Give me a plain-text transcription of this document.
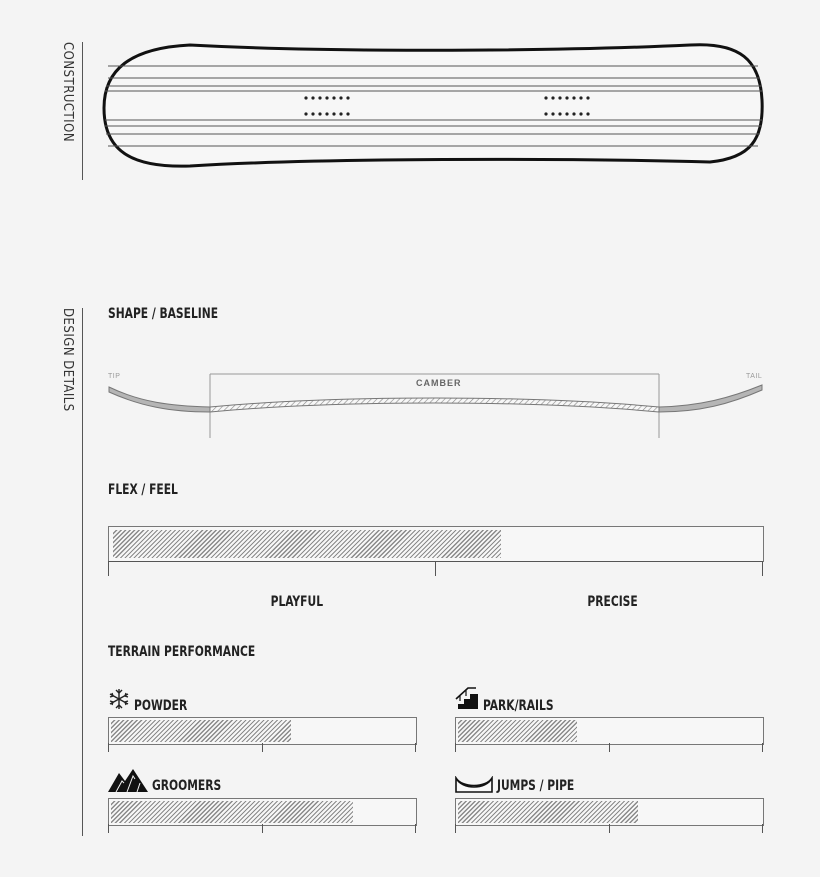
CONSTRUCTION
DESIGN DETAILS SHAPE / BASELINE
TIP	TAIL
CAMBER
FLEX / FEEL
PLAYFUL	PRECISE
TERRAIN PERFORMANCE
POWDER	PARK/RAILS
GROOMERS	JUMPS / PIPE
